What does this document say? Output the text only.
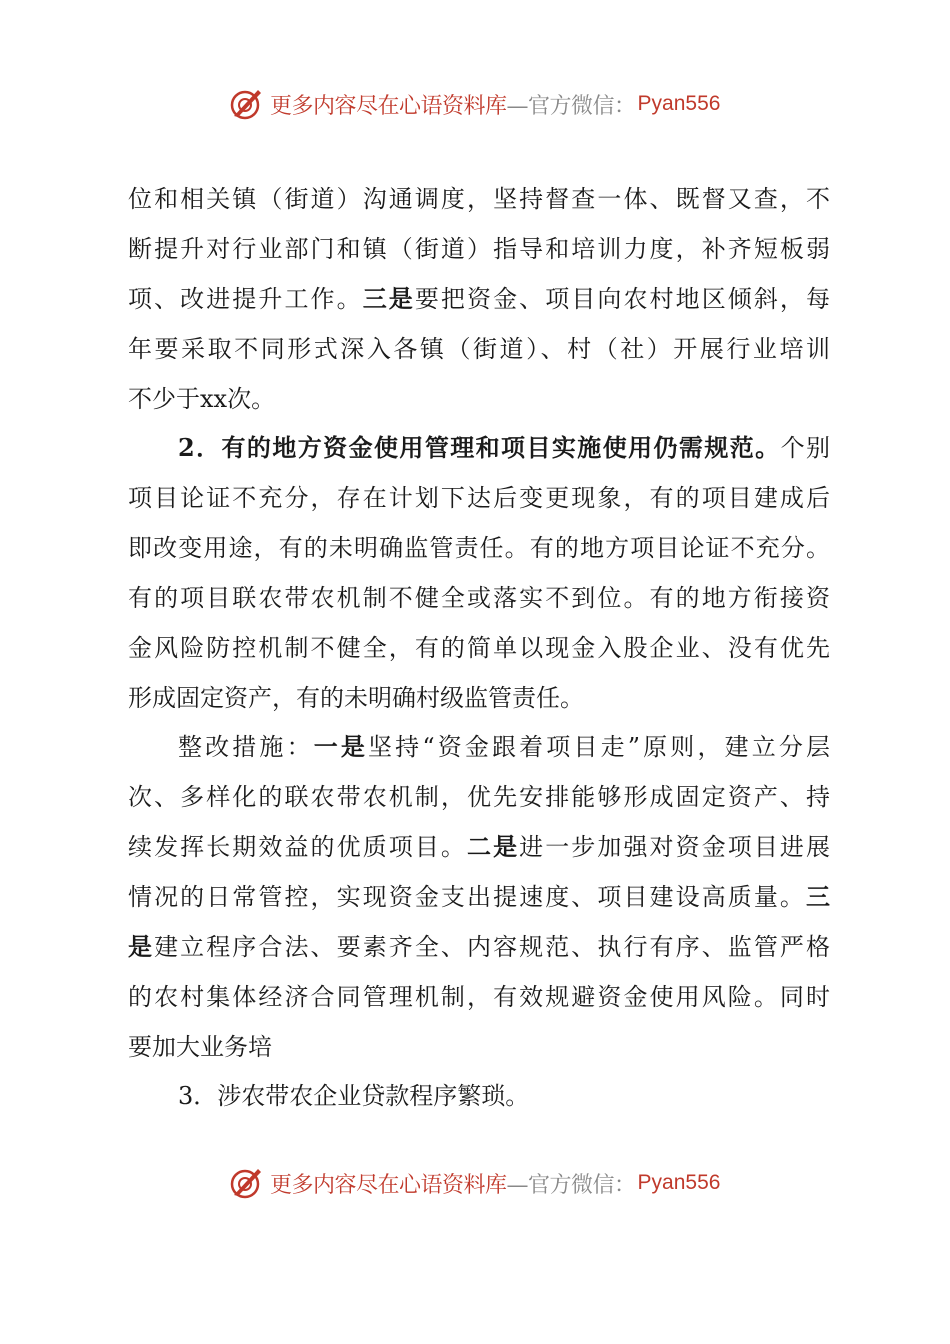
更多内容尽在心语资料库 —官方微信： Pyan556
位和相关镇（街道）沟通调度，坚持督查一体、既督又查，不
断提升对行业部门和镇（街道）指导和培训力度，补齐短板弱
项、改进提升工作。三是要把资金、项目向农村地区倾斜，每
年要采取不同形式深入各镇（街道）、村（社）开展行业培训
不少于xx次。
2．有的地方资金使用管理和项目实施使用仍需规范。个别
项目论证不充分，存在计划下达后变更现象，有的项目建成后
即改变用途，有的未明确监管责任。有的地方项目论证不充分。
有的项目联农带农机制不健全或落实不到位。有的地方衔接资
金风险防控机制不健全，有的简单以现金入股企业、没有优先
形成固定资产，有的未明确村级监管责任。
整改措施：一是坚持“资金跟着项目走”原则，建立分层
次、多样化的联农带农机制，优先安排能够形成固定资产、持
续发挥长期效益的优质项目。二是进一步加强对资金项目进展
情况的日常管控，实现资金支出提速度、项目建设高质量。三
是建立程序合法、要素齐全、内容规范、执行有序、监管严格
的农村集体经济合同管理机制，有效规避资金使用风险。同时
要加大业务培
3．涉农带农企业贷款程序繁琐。
更多内容尽在心语资料库 —官方微信： Pyan556
